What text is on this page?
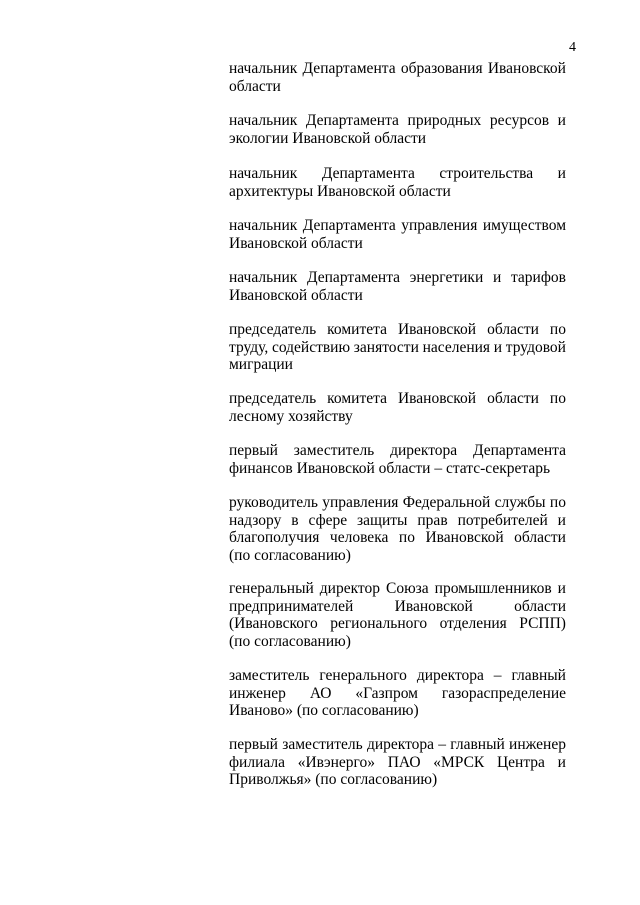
4
начальник Департамента образования Ивановской
области
начальник Департамента природных ресурсов и
экологии Ивановской области
начальник Департамента строительства и
архитектуры Ивановской области
начальник Департамента управления имуществом
Ивановской области
начальник Департамента энергетики и тарифов
Ивановской области
председатель комитета Ивановской области по
труду, содействию занятости населения и трудовой
миграции
председатель комитета Ивановской области по
лесному хозяйству
первый заместитель директора Департамента
финансов Ивановской области – статс-секретарь
руководитель управления Федеральной службы по
надзору в сфере защиты прав потребителей и
благополучия человека по Ивановской области
(по согласованию)
генеральный директор Союза промышленников и
предпринимателей	Ивановской	области
(Ивановского регионального отделения РСПП)
(по согласованию)
заместитель генерального директора – главный
инженер АО «Газпром газораспределение
Иваново» (по согласованию)
первый заместитель директора – главный инженер
филиала «Ивэнерго» ПАО «МРСК Центра и
Приволжья» (по согласованию)
